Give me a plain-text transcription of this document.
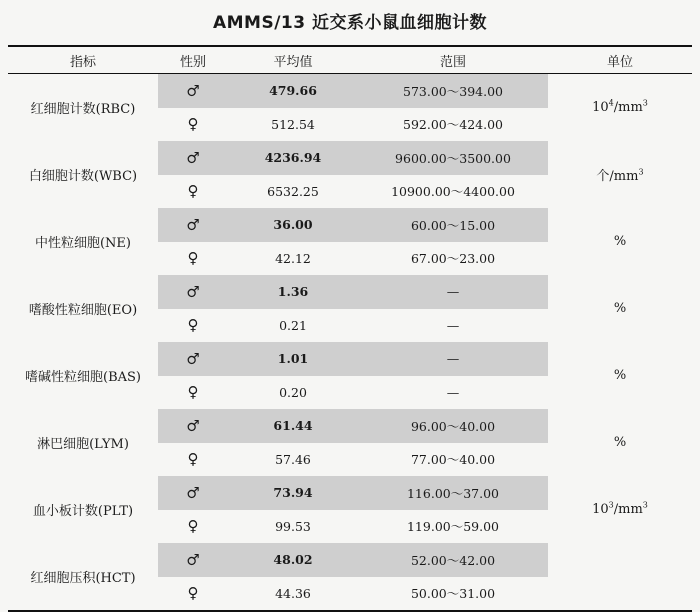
AMMS/13 近交系小鼠血细胞计数
指标	性别	平均值	范围	单位
红细胞计数(RBC)	♂	479.66	573.00～394.00	$10^4/mm^3$
	♀	512.54	592.00～424.00	
白细胞计数(WBC)	♂	4236.94	9600.00～3500.00	个$/mm^3$
	♀	6532.25	10900.00～4400.00	
中性粒细胞(NE)	♂	36.00	60.00～15.00	%
	♀	42.12	67.00～23.00	
嗜酸性粒细胞(EO)	♂	1.36	—	%
	♀	0.21	—	
嗜碱性粒细胞(BAS)	♂	1.01	—	%
	♀	0.20	—	
淋巴细胞(LYM)	♂	61.44	96.00～40.00	%
	♀	57.46	77.00～40.00	
血小板计数(PLT)	♂	73.94	116.00～37.00	$10^3/mm^3$
	♀	99.53	119.00～59.00	
红细胞压积(HCT)	♂	48.02	52.00～42.00	
	♀	44.36	50.00～31.00	
